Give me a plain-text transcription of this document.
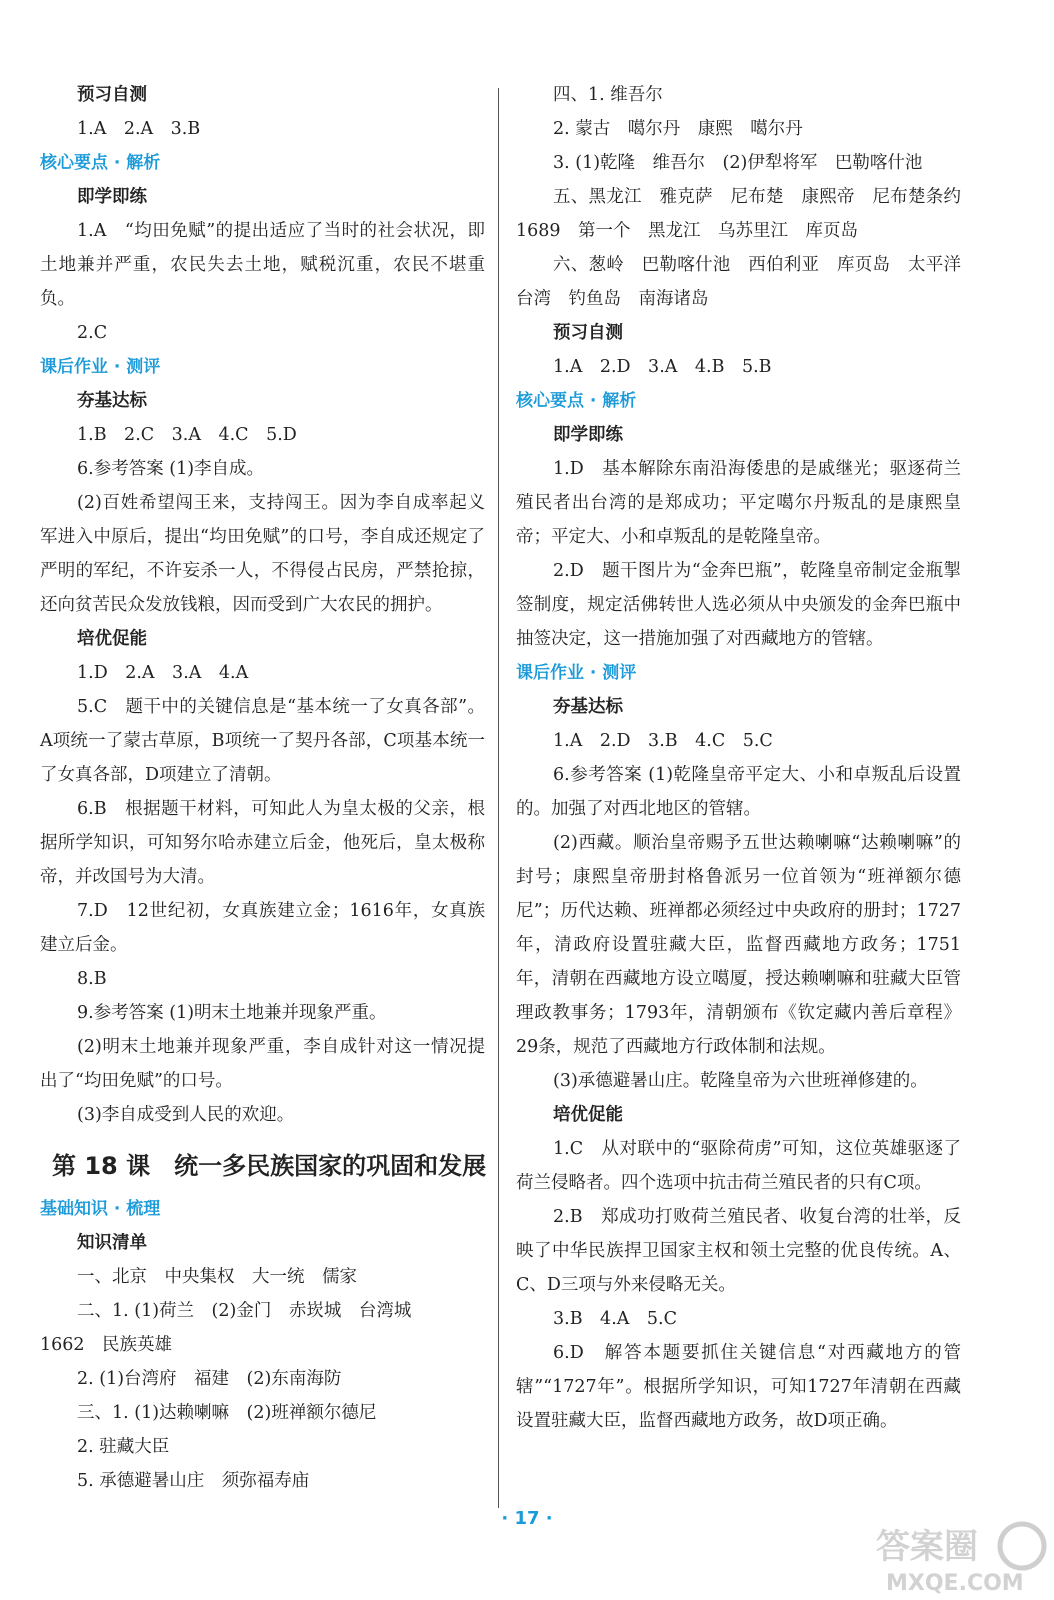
预习自测
1.A　2.A　3.B
核心要点 · 解析
即学即练
1.A　“均田免赋”的提出适应了当时的社会状况，即土地兼并严重，农民失去土地，赋税沉重，农民不堪重负。
2.C
课后作业 · 测评
夯基达标
1.B　2.C　3.A　4.C　5.D
6.参考答案 (1)李自成。
(2)百姓希望闯王来，支持闯王。因为李自成率起义军进入中原后，提出“均田免赋”的口号，李自成还规定了严明的军纪，不许妄杀一人，不得侵占民房，严禁抢掠，还向贫苦民众发放钱粮，因而受到广大农民的拥护。
培优促能
1.D　2.A　3.A　4.A
5.C　题干中的关键信息是“基本统一了女真各部”。A项统一了蒙古草原，B项统一了契丹各部，C项基本统一了女真各部，D项建立了清朝。
6.B　根据题干材料，可知此人为皇太极的父亲，根据所学知识，可知努尔哈赤建立后金，他死后，皇太极称帝，并改国号为大清。
7.D　12世纪初，女真族建立金；1616年，女真族建立后金。
8.B
9.参考答案 (1)明末土地兼并现象严重。
(2)明末土地兼并现象严重，李自成针对这一情况提出了“均田免赋”的口号。
(3)李自成受到人民的欢迎。
第 18 课　统一多民族国家的巩固和发展
基础知识 · 梳理
知识清单
一、北京　中央集权　大一统　儒家
二、1. (1)荷兰　(2)金门　赤崁城　台湾城
1662　民族英雄
2. (1)台湾府　福建　(2)东南海防
三、1. (1)达赖喇嘛　(2)班禅额尔德尼
2. 驻藏大臣
5. 承德避暑山庄　须弥福寿庙
四、1. 维吾尔
2. 蒙古　噶尔丹　康熙　噶尔丹
3. (1)乾隆　维吾尔　(2)伊犁将军　巴勒喀什池
五、黑龙江　雅克萨　尼布楚　康熙帝　尼布楚条约　1689　第一个　黑龙江　乌苏里江　库页岛
六、葱岭　巴勒喀什池　西伯利亚　库页岛　太平洋　台湾　钓鱼岛　南海诸岛
预习自测
1.A　2.D　3.A　4.B　5.B
核心要点 · 解析
即学即练
1.D　基本解除东南沿海倭患的是戚继光；驱逐荷兰殖民者出台湾的是郑成功；平定噶尔丹叛乱的是康熙皇帝；平定大、小和卓叛乱的是乾隆皇帝。
2.D　题干图片为“金奔巴瓶”，乾隆皇帝制定金瓶掣签制度，规定活佛转世人选必须从中央颁发的金奔巴瓶中抽签决定，这一措施加强了对西藏地方的管辖。
课后作业 · 测评
夯基达标
1.A　2.D　3.B　4.C　5.C
6.参考答案 (1)乾隆皇帝平定大、小和卓叛乱后设置的。加强了对西北地区的管辖。
(2)西藏。顺治皇帝赐予五世达赖喇嘛“达赖喇嘛”的封号；康熙皇帝册封格鲁派另一位首领为“班禅额尔德尼”；历代达赖、班禅都必须经过中央政府的册封；1727年，清政府设置驻藏大臣，监督西藏地方政务；1751年，清朝在西藏地方设立噶厦，授达赖喇嘛和驻藏大臣管理政教事务；1793年，清朝颁布《钦定藏内善后章程》29条，规范了西藏地方行政体制和法规。
(3)承德避暑山庄。乾隆皇帝为六世班禅修建的。
培优促能
1.C　从对联中的“驱除荷虏”可知，这位英雄驱逐了荷兰侵略者。四个选项中抗击荷兰殖民者的只有C项。
2.B　郑成功打败荷兰殖民者、收复台湾的壮举，反映了中华民族捍卫国家主权和领土完整的优良传统。A、C、D三项与外来侵略无关。
3.B　4.A　5.C
6.D　解答本题要抓住关键信息“对西藏地方的管辖”“1727年”。根据所学知识，可知1727年清朝在西藏设置驻藏大臣，监督西藏地方政务，故D项正确。
· 17 ·
答案圈
MXQE.COM
